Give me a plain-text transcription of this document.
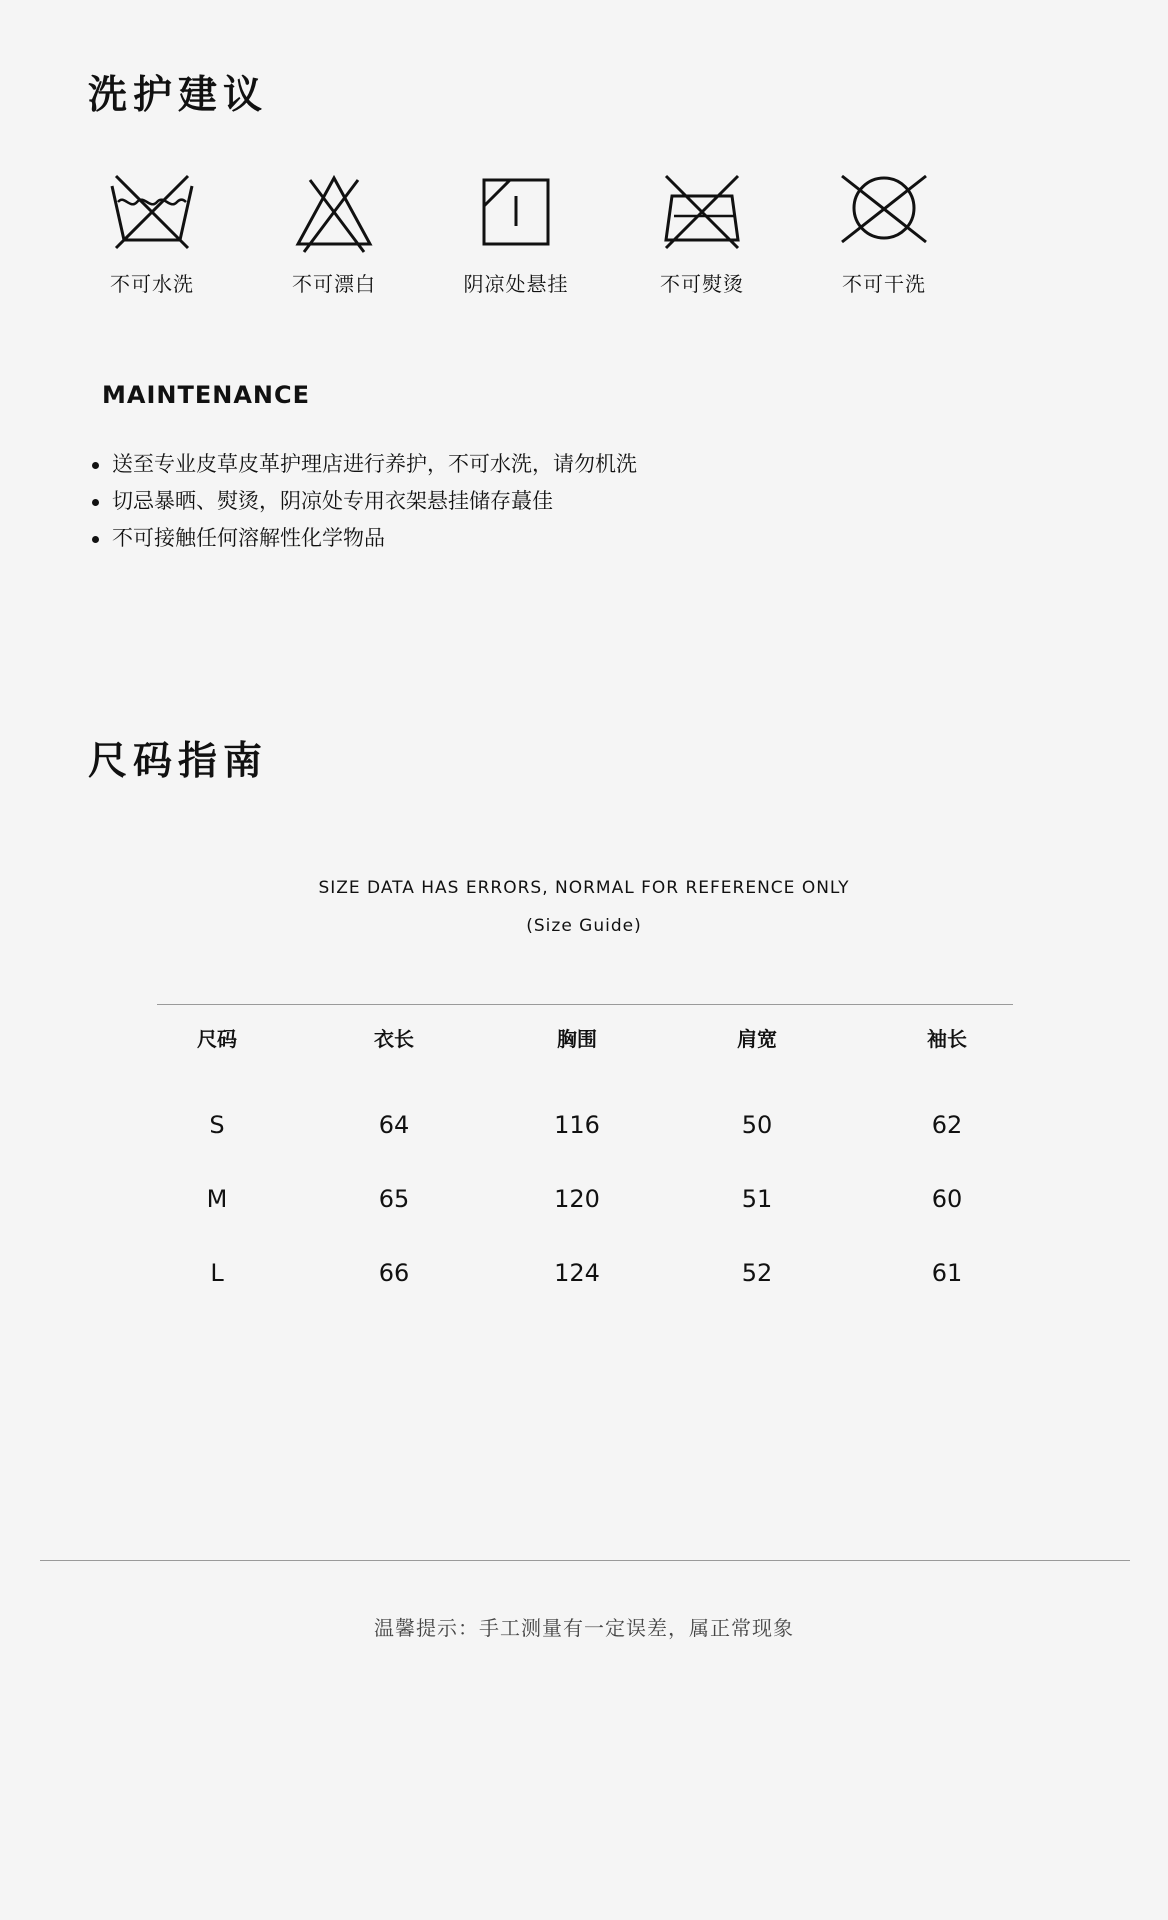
洗护建议
不可水洗	不可漂白	阴凉处悬挂	不可熨烫	不可干洗
MAINTENANCE
送至专业皮草皮革护理店进行养护，不可水洗，请勿机洗
切忌暴晒、熨烫，阴凉处专用衣架悬挂储存蕞佳
不可接触任何溶解性化学物品
尺码指南
SIZE DATA HAS ERRORS, NORMAL FOR REFERENCE ONLY
(Size Guide)
尺码	衣长	胸围	肩宽	袖长
S	64	116	50	62
M	65	120	51	60
L	66	124	52	61
温馨提示：手工测量有一定误差，属正常现象
